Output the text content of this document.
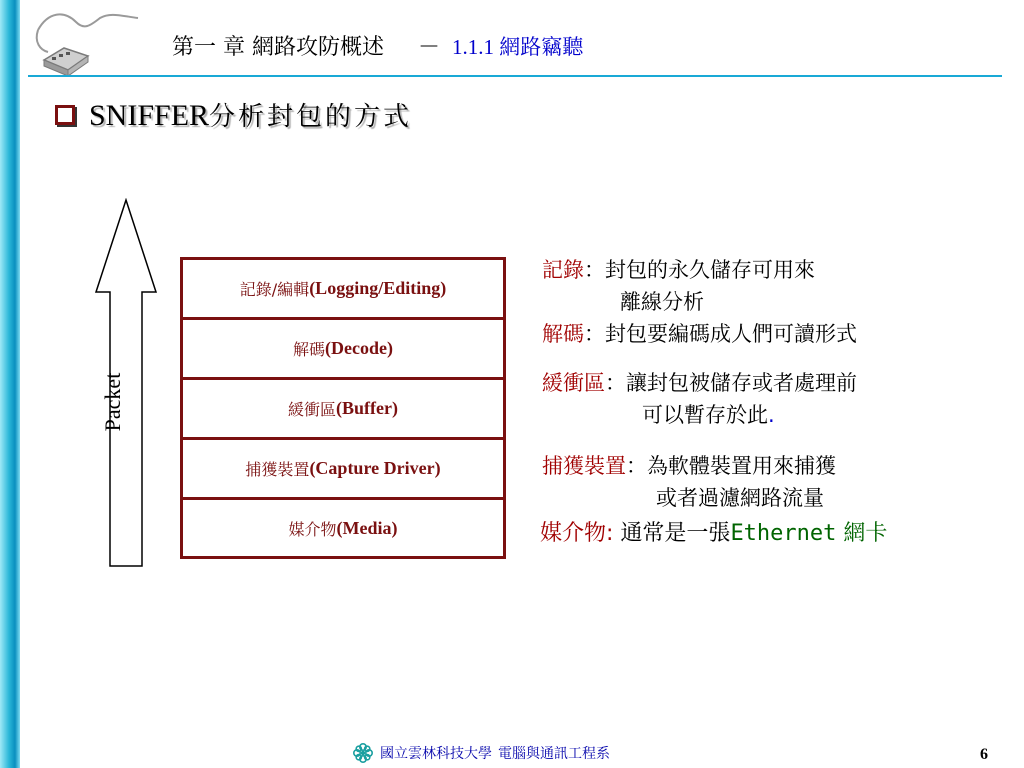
第一 章 網路攻防概述 － 1.1.1 網路竊聽
SNIFFER分析封包的方式
Packet
記錄/編輯 (Logging/Editing)
解碼 (Decode)
緩衝區 (Buffer)
捕獲裝置 (Capture Driver)
媒介物 (Media)
記錄：封包的永久儲存可用來
離線分析
解碼：封包要編碼成人們可讀形式
緩衝區：讓封包被儲存或者處理前
可以暫存於此.
捕獲裝置：為軟體裝置用來捕獲
或者過濾網路流量
媒介物: 通常是一張Ethernet 網卡
國立雲林科技大學 電腦與通訊工程系	6
